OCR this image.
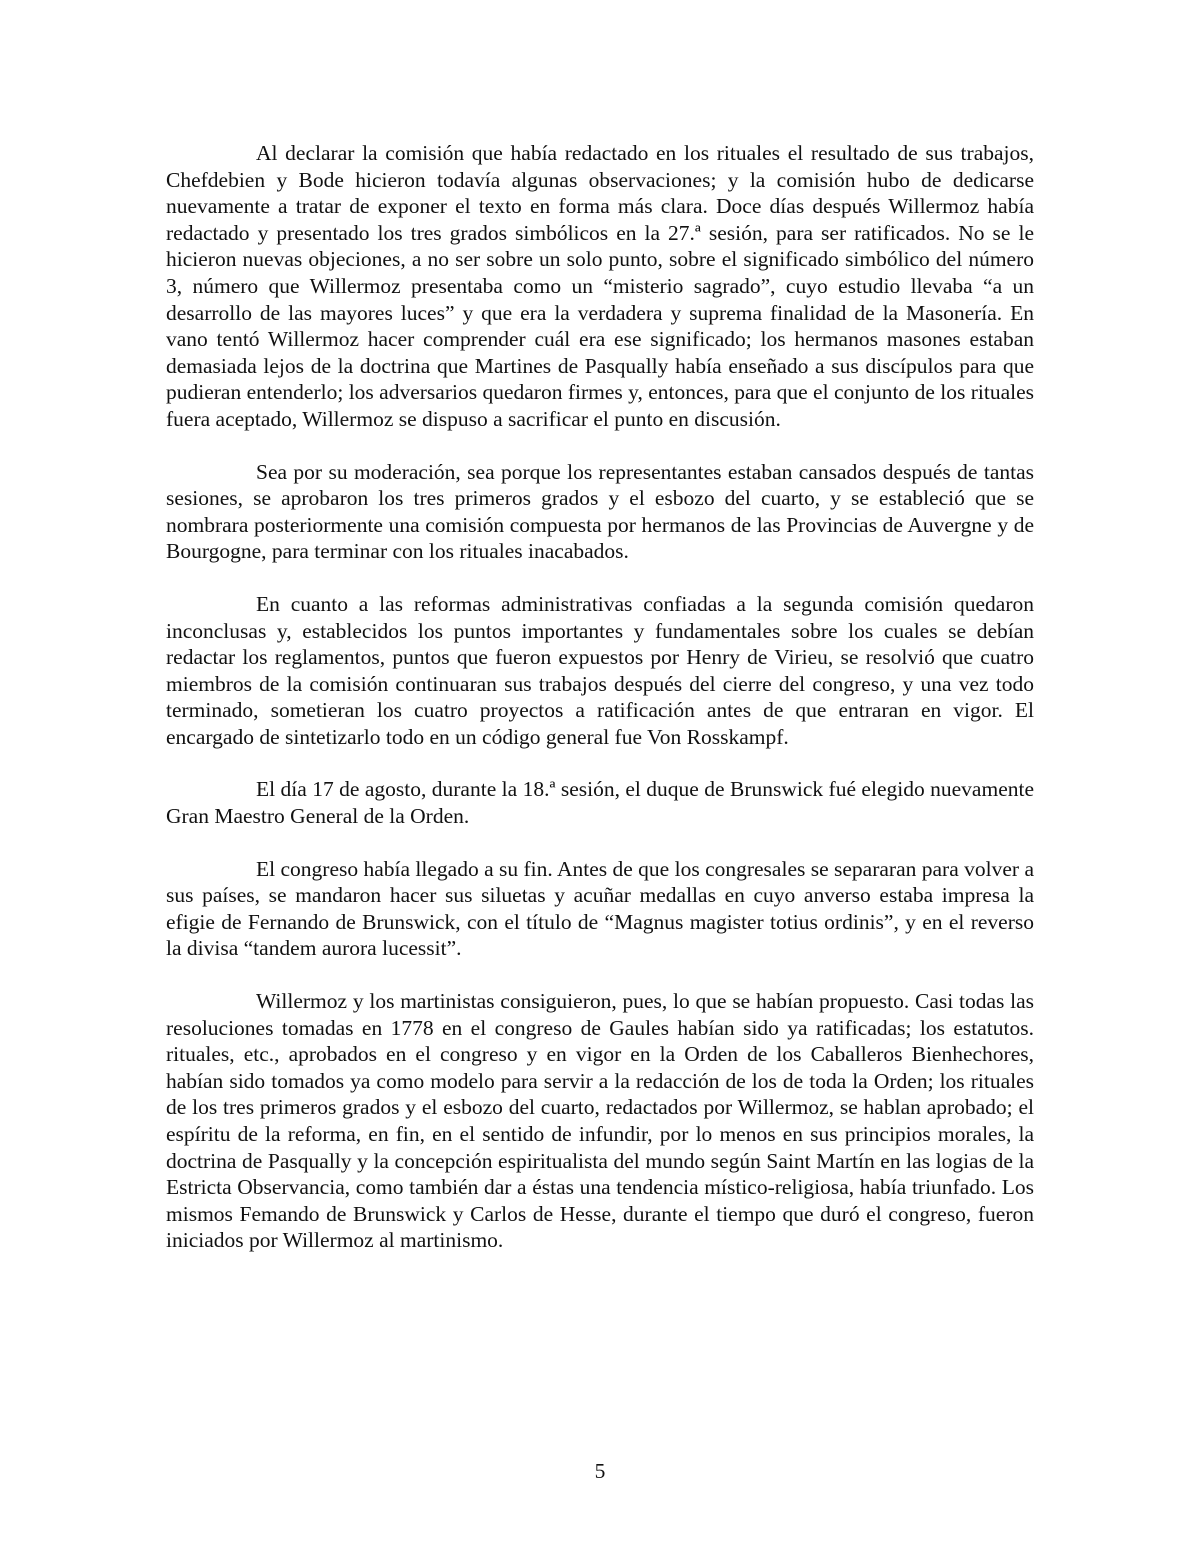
Al declarar la comisión que había redactado en los rituales el resultado de sus trabajos, Chefdebien y Bode hicieron todavía algunas observaciones; y la comisión hubo de dedicarse nuevamente a tratar de exponer el texto en forma más clara. Doce días después Willermoz había redactado y presentado los tres grados simbólicos en la 27.ª sesión, para ser ratificados. No se le hicieron nuevas objeciones, a no ser sobre un solo punto, sobre el significado simbólico del número 3, número que Willermoz presentaba como un “misterio sagrado”, cuyo estudio llevaba “a un desarrollo de las mayores luces” y que era la verdadera y suprema finalidad de la Masonería. En vano tentó Willermoz hacer comprender cuál era ese significado; los hermanos masones estaban demasiada lejos de la doctrina que Martines de Pasqually había enseñado a sus discípulos para que pudieran entenderlo; los adversarios quedaron firmes y, entonces, para que el conjunto de los rituales fuera aceptado, Willermoz se dispuso a sacrificar el punto en discusión.

Sea por su moderación, sea porque los representantes estaban cansados después de tantas sesiones, se aprobaron los tres primeros grados y el esbozo del cuarto, y se estableció que se nombrara posteriormente una comisión compuesta por hermanos de las Provincias de Auvergne y de Bourgogne, para terminar con los rituales inacabados.

En cuanto a las reformas administrativas confiadas a la segunda comisión quedaron inconclusas y, establecidos los puntos importantes y fundamentales sobre los cuales se debían redactar los reglamentos, puntos que fueron expuestos por Henry de Virieu, se resolvió que cuatro miembros de la comisión continuaran sus trabajos después del cierre del congreso, y una vez todo terminado, sometieran los cuatro proyectos a ratificación antes de que entraran en vigor. El encargado de sintetizarlo todo en un código general fue Von Rosskampf.

El día 17 de agosto, durante la 18.ª sesión, el duque de Brunswick fué elegido nuevamente Gran Maestro General de la Orden.

El congreso había llegado a su fin. Antes de que los congresales se separaran para volver a sus países, se mandaron hacer sus siluetas y acuñar medallas en cuyo anverso estaba impresa la efigie de Fernando de Brunswick, con el título de “Magnus magister totius ordinis”, y en el reverso la divisa “tandem aurora lucessit”.

Willermoz y los martinistas consiguieron, pues, lo que se habían propuesto. Casi todas las resoluciones tomadas en 1778 en el congreso de Gaules habían sido ya ratificadas; los estatutos. rituales, etc., aprobados en el congreso y en vigor en la Orden de los Caballeros Bienhechores, habían sido tomados ya como modelo para servir a la redacción de los de toda la Orden; los rituales de los tres primeros grados y el esbozo del cuarto, redactados por Willermoz, se hablan aprobado; el espíritu de la reforma, en fin, en el sentido de infundir, por lo menos en sus principios morales, la doctrina de Pasqually y la concepción espiritualista del mundo según Saint Martín en las logias de la Estricta Observancia, como también dar a éstas una tendencia místico-religiosa, había triunfado. Los mismos Femando de Brunswick y Carlos de Hesse, durante el tiempo que duró el congreso, fueron iniciados por Willermoz al martinismo.

5
